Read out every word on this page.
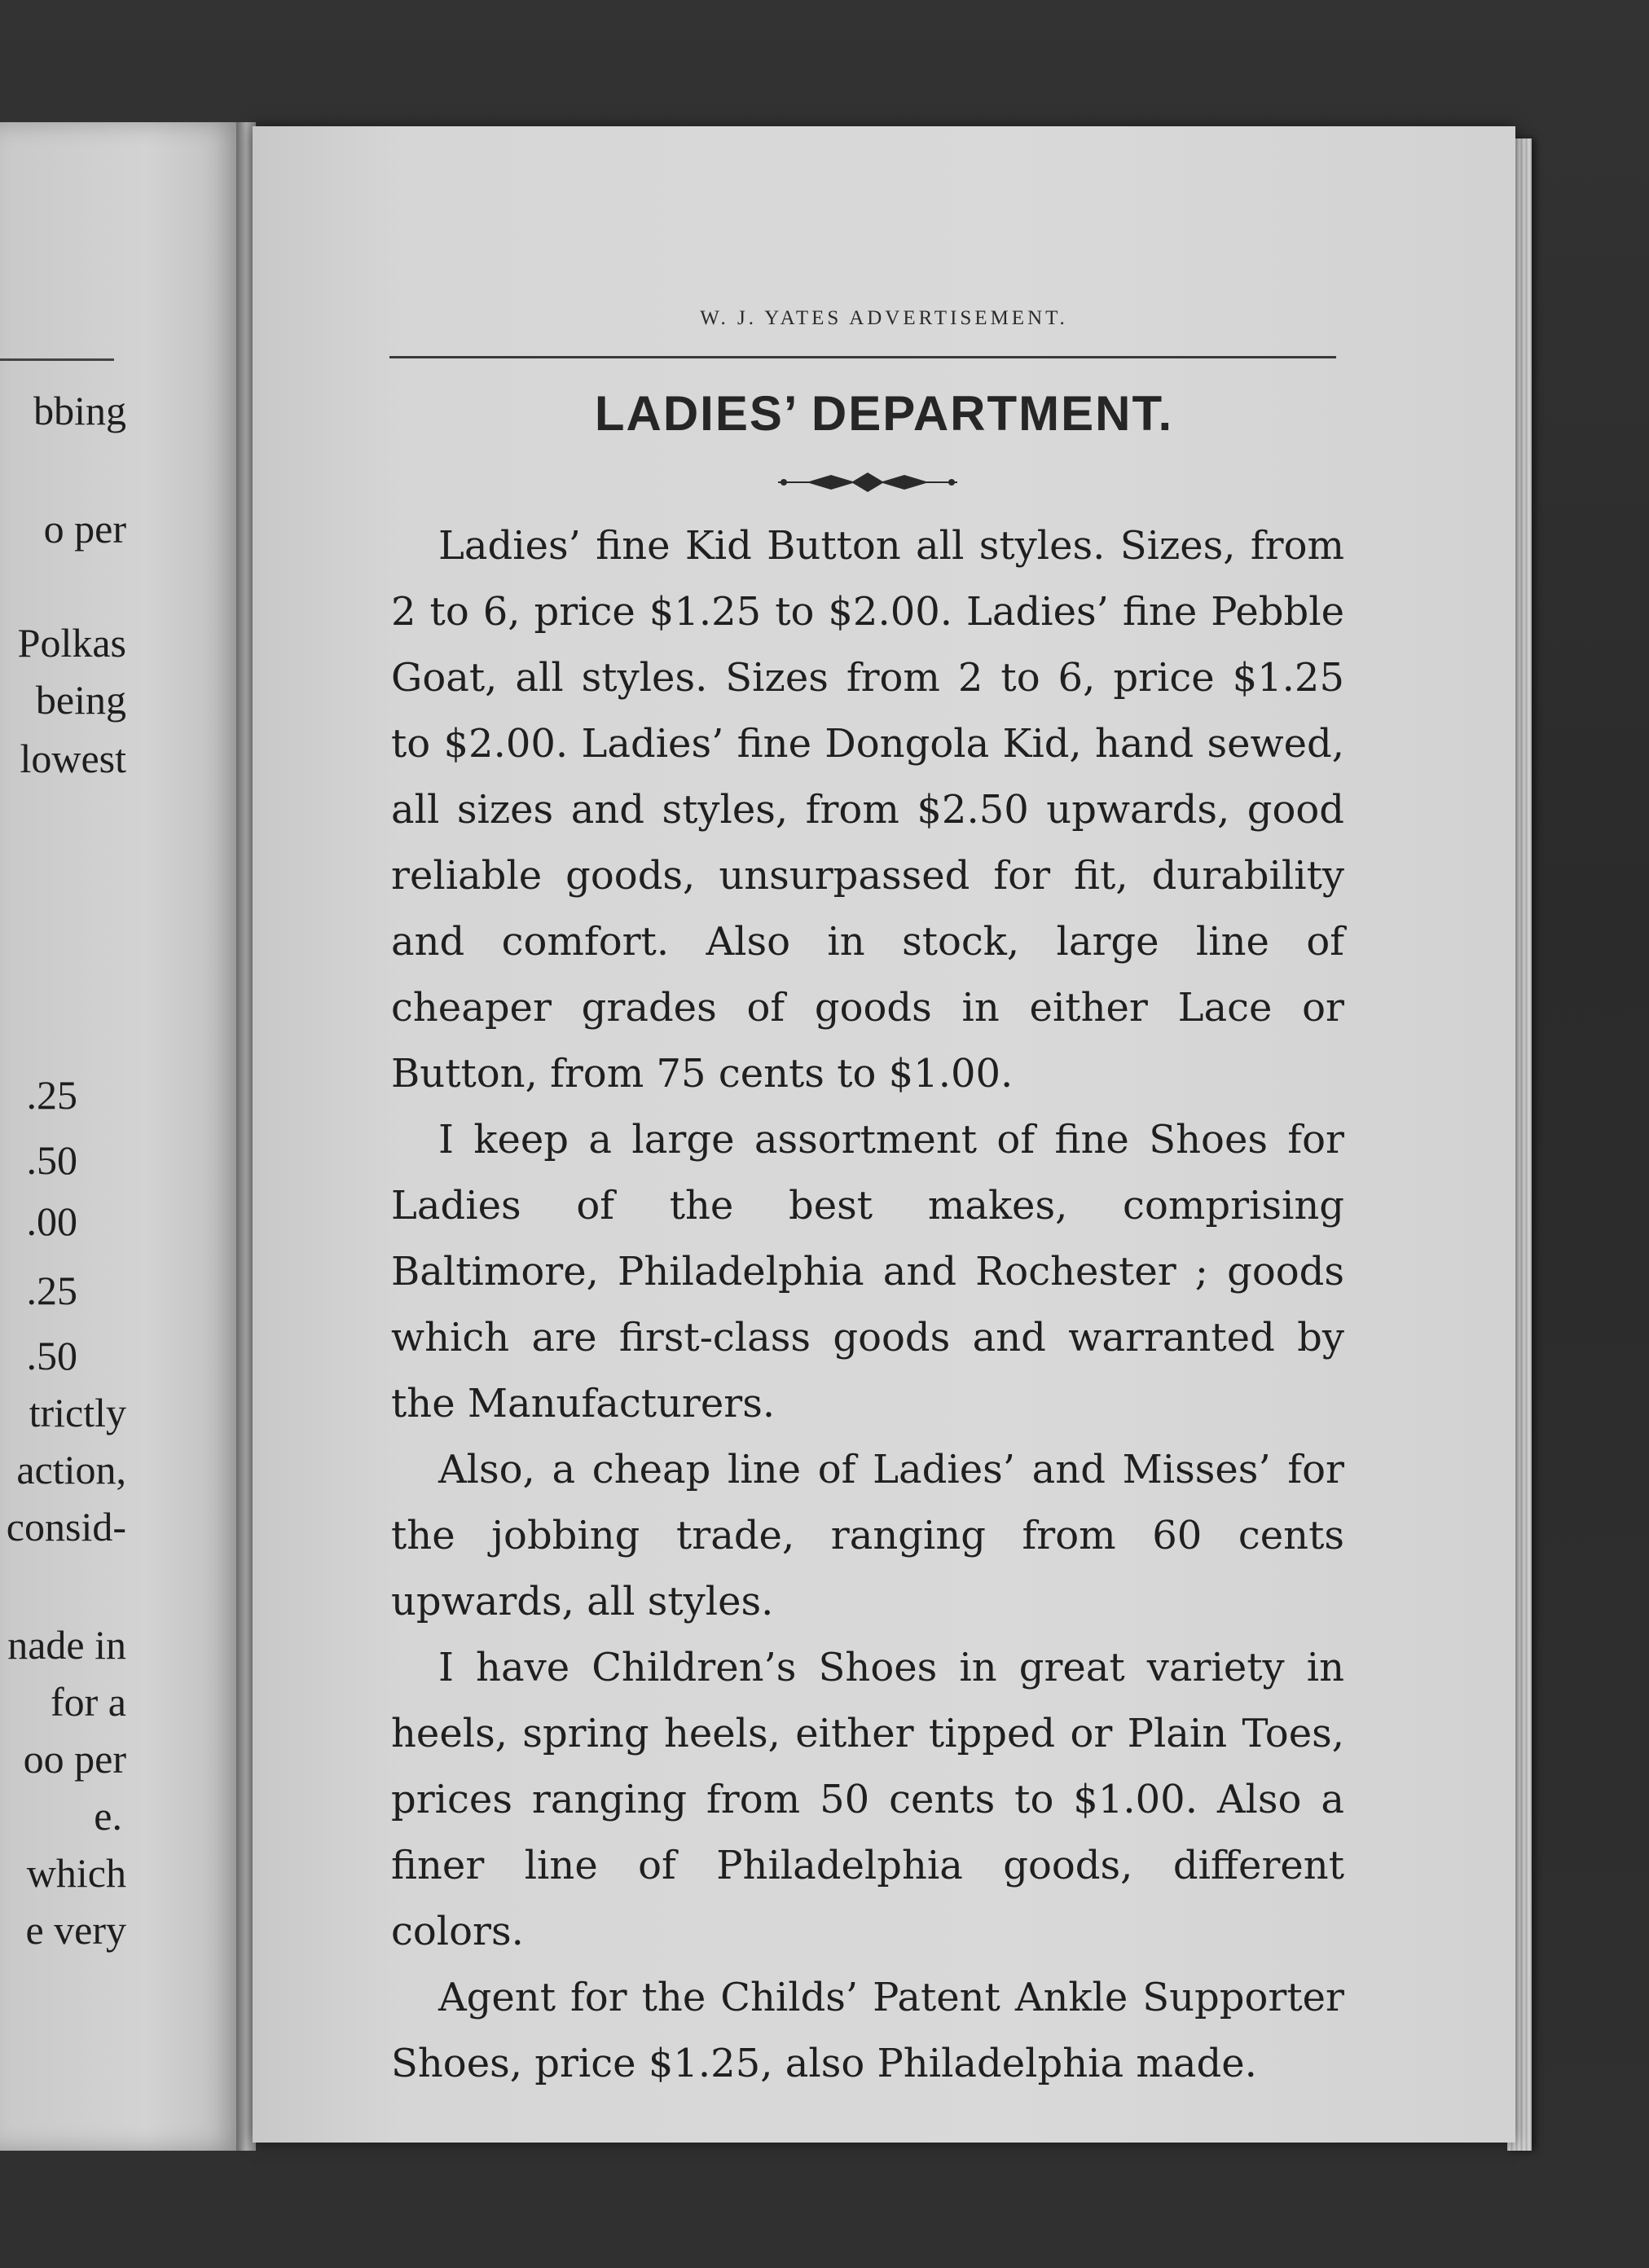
bbing
o per
Polkas
being
lowest
.25
.50
.00
.25
.50
trictly
action,
consid-
nade in
for a
oo per
e.
which
e very
W. J. YATES ADVERTISEMENT.
LADIES’ DEPARTMENT.

Ladies’ fine Kid Button all styles. Sizes, from 2 to 6, price $1.25 to $2.00. Ladies’ fine Pebble Goat, all styles. Sizes from 2 to 6, price $1.25 to $2.00. Ladies’ fine Dongola Kid, hand sewed, all sizes and styles, from $2.50 upwards, good reliable goods, unsurpassed for fit, durability and comfort. Also in stock, large line of cheaper grades of goods in either Lace or Button, from 75 cents to $1.00.

I keep a large assortment of fine Shoes for Ladies of the best makes, comprising Baltimore, Philadelphia and Rochester ; goods which are first-class goods and warranted by the Manufacturers.

Also, a cheap line of Ladies’ and Misses’ for the jobbing trade, ranging from 60 cents upwards, all styles.

I have Children’s Shoes in great variety in heels, spring heels, either tipped or Plain Toes, prices ranging from 50 cents to $1.00. Also a finer line of Philadelphia goods, different colors.

Agent for the Childs’ Patent Ankle Supporter Shoes, price $1.25, also Philadelphia made.
